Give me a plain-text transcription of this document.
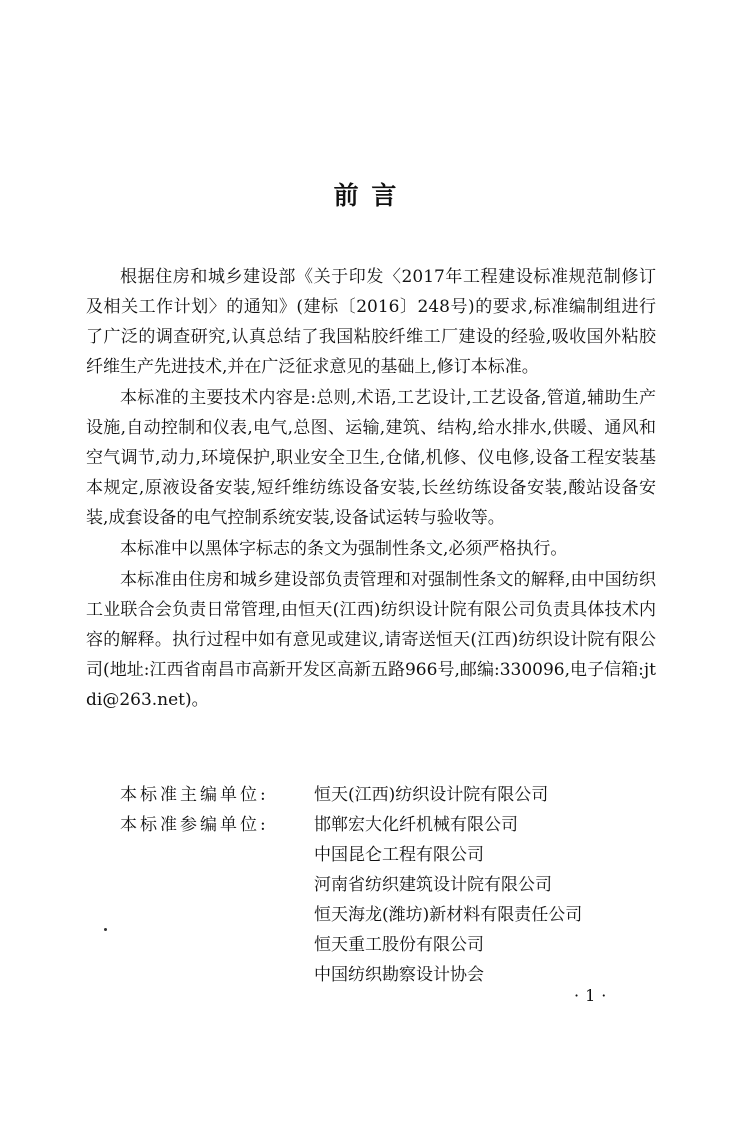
前 言

根据住房和城乡建设部《关于印发〈2017年工程建设标准规范制修订及相关工作计划〉的通知》(建标〔2016〕248号)的要求,标准编制组进行了广泛的调查研究,认真总结了我国粘胶纤维工厂建设的经验,吸收国外粘胶纤维生产先进技术,并在广泛征求意见的基础上,修订本标准。

本标准的主要技术内容是:总则,术语,工艺设计,工艺设备,管道,辅助生产设施,自动控制和仪表,电气,总图、运输,建筑、结构,给水排水,供暖、通风和空气调节,动力,环境保护,职业安全卫生,仓储,机修、仪电修,设备工程安装基本规定,原液设备安装,短纤维纺练设备安装,长丝纺练设备安装,酸站设备安装,成套设备的电气控制系统安装,设备试运转与验收等。

本标准中以黑体字标志的条文为强制性条文,必须严格执行。

本标准由住房和城乡建设部负责管理和对强制性条文的解释,由中国纺织工业联合会负责日常管理,由恒天(江西)纺织设计院有限公司负责具体技术内容的解释。执行过程中如有意见或建议,请寄送恒天(江西)纺织设计院有限公司(地址:江西省南昌市高新开发区高新五路966号,邮编:330096,电子信箱:jtdi@263.net)。

本标准主编单位:	恒天(江西)纺织设计院有限公司
本标准参编单位:	邯郸宏大化纤机械有限公司
中国昆仑工程有限公司
河南省纺织建筑设计院有限公司
恒天海龙(潍坊)新材料有限责任公司
恒天重工股份有限公司
中国纺织勘察设计协会
·1·
